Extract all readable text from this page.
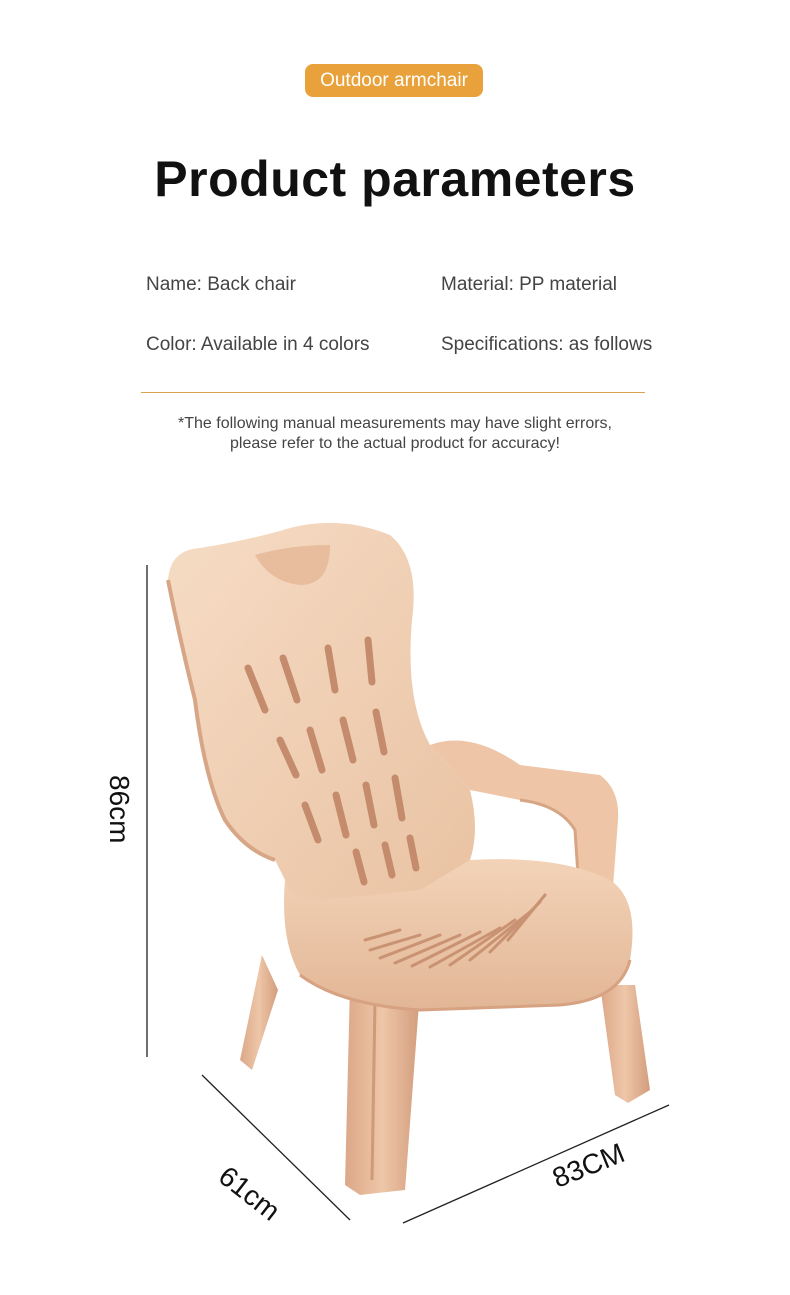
Outdoor armchair
Product parameters
Name: Back chair	Material: PP material
Color: Available in 4 colors	Specifications: as follows
*The following manual measurements may have slight errors,
please refer to the actual product for accuracy!
86cm
61cm	83CM
